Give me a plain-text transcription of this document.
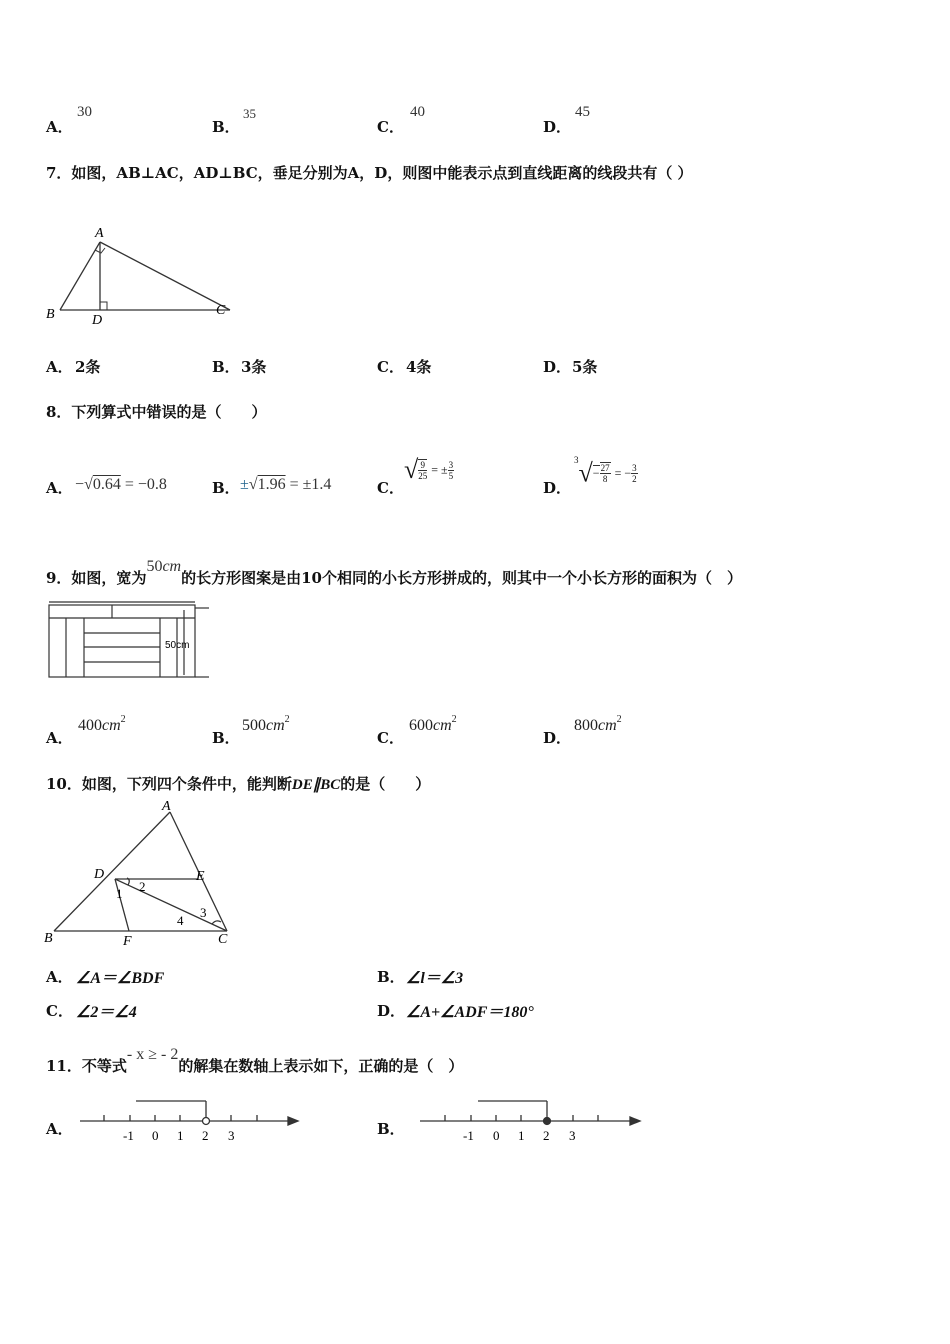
A．
30
B．
35
C．
40
D．
45
7．如图，AB⊥AC，AD⊥BC，垂足分别为A，D，则图中能表示点到直线距离的线段共有（ ）
A
B	C
D
A． 2条	B． 3条	C． 4条	D． 5条
8．下列算式中错误的是（　　）
A． −√0.64 = −0.8	B． ±√1.96 = ±1.4	C．
√ $\frac{9}{25}$ = ± $\frac{3}{5}$
D．
$^3√- \frac{27}{8}$ = − $\frac{3}{2}$
9．如图，宽为50cm的长方形图案是由10个相同的小长方形拼成的，则其中一个小长方形的面积为（　）
50cm
A．
$400cm^2$
B．
$500cm^2$
C．
$600cm^2$
D．
$800cm^2$
10．如图，下列四个条件中，能判断DE∥BC的是（　　）
A
B	C
D	E
F
1 2
3
4
A． ∠A＝∠BDF	B． ∠l＝∠3
C． ∠2＝∠4	D． ∠A+∠ADF＝180°
11．不等式- x ≥ - 2的解集在数轴上表示如下，正确的是（　）
A．	-1 0 1 2 3	B．	-1 0 1 2 3
